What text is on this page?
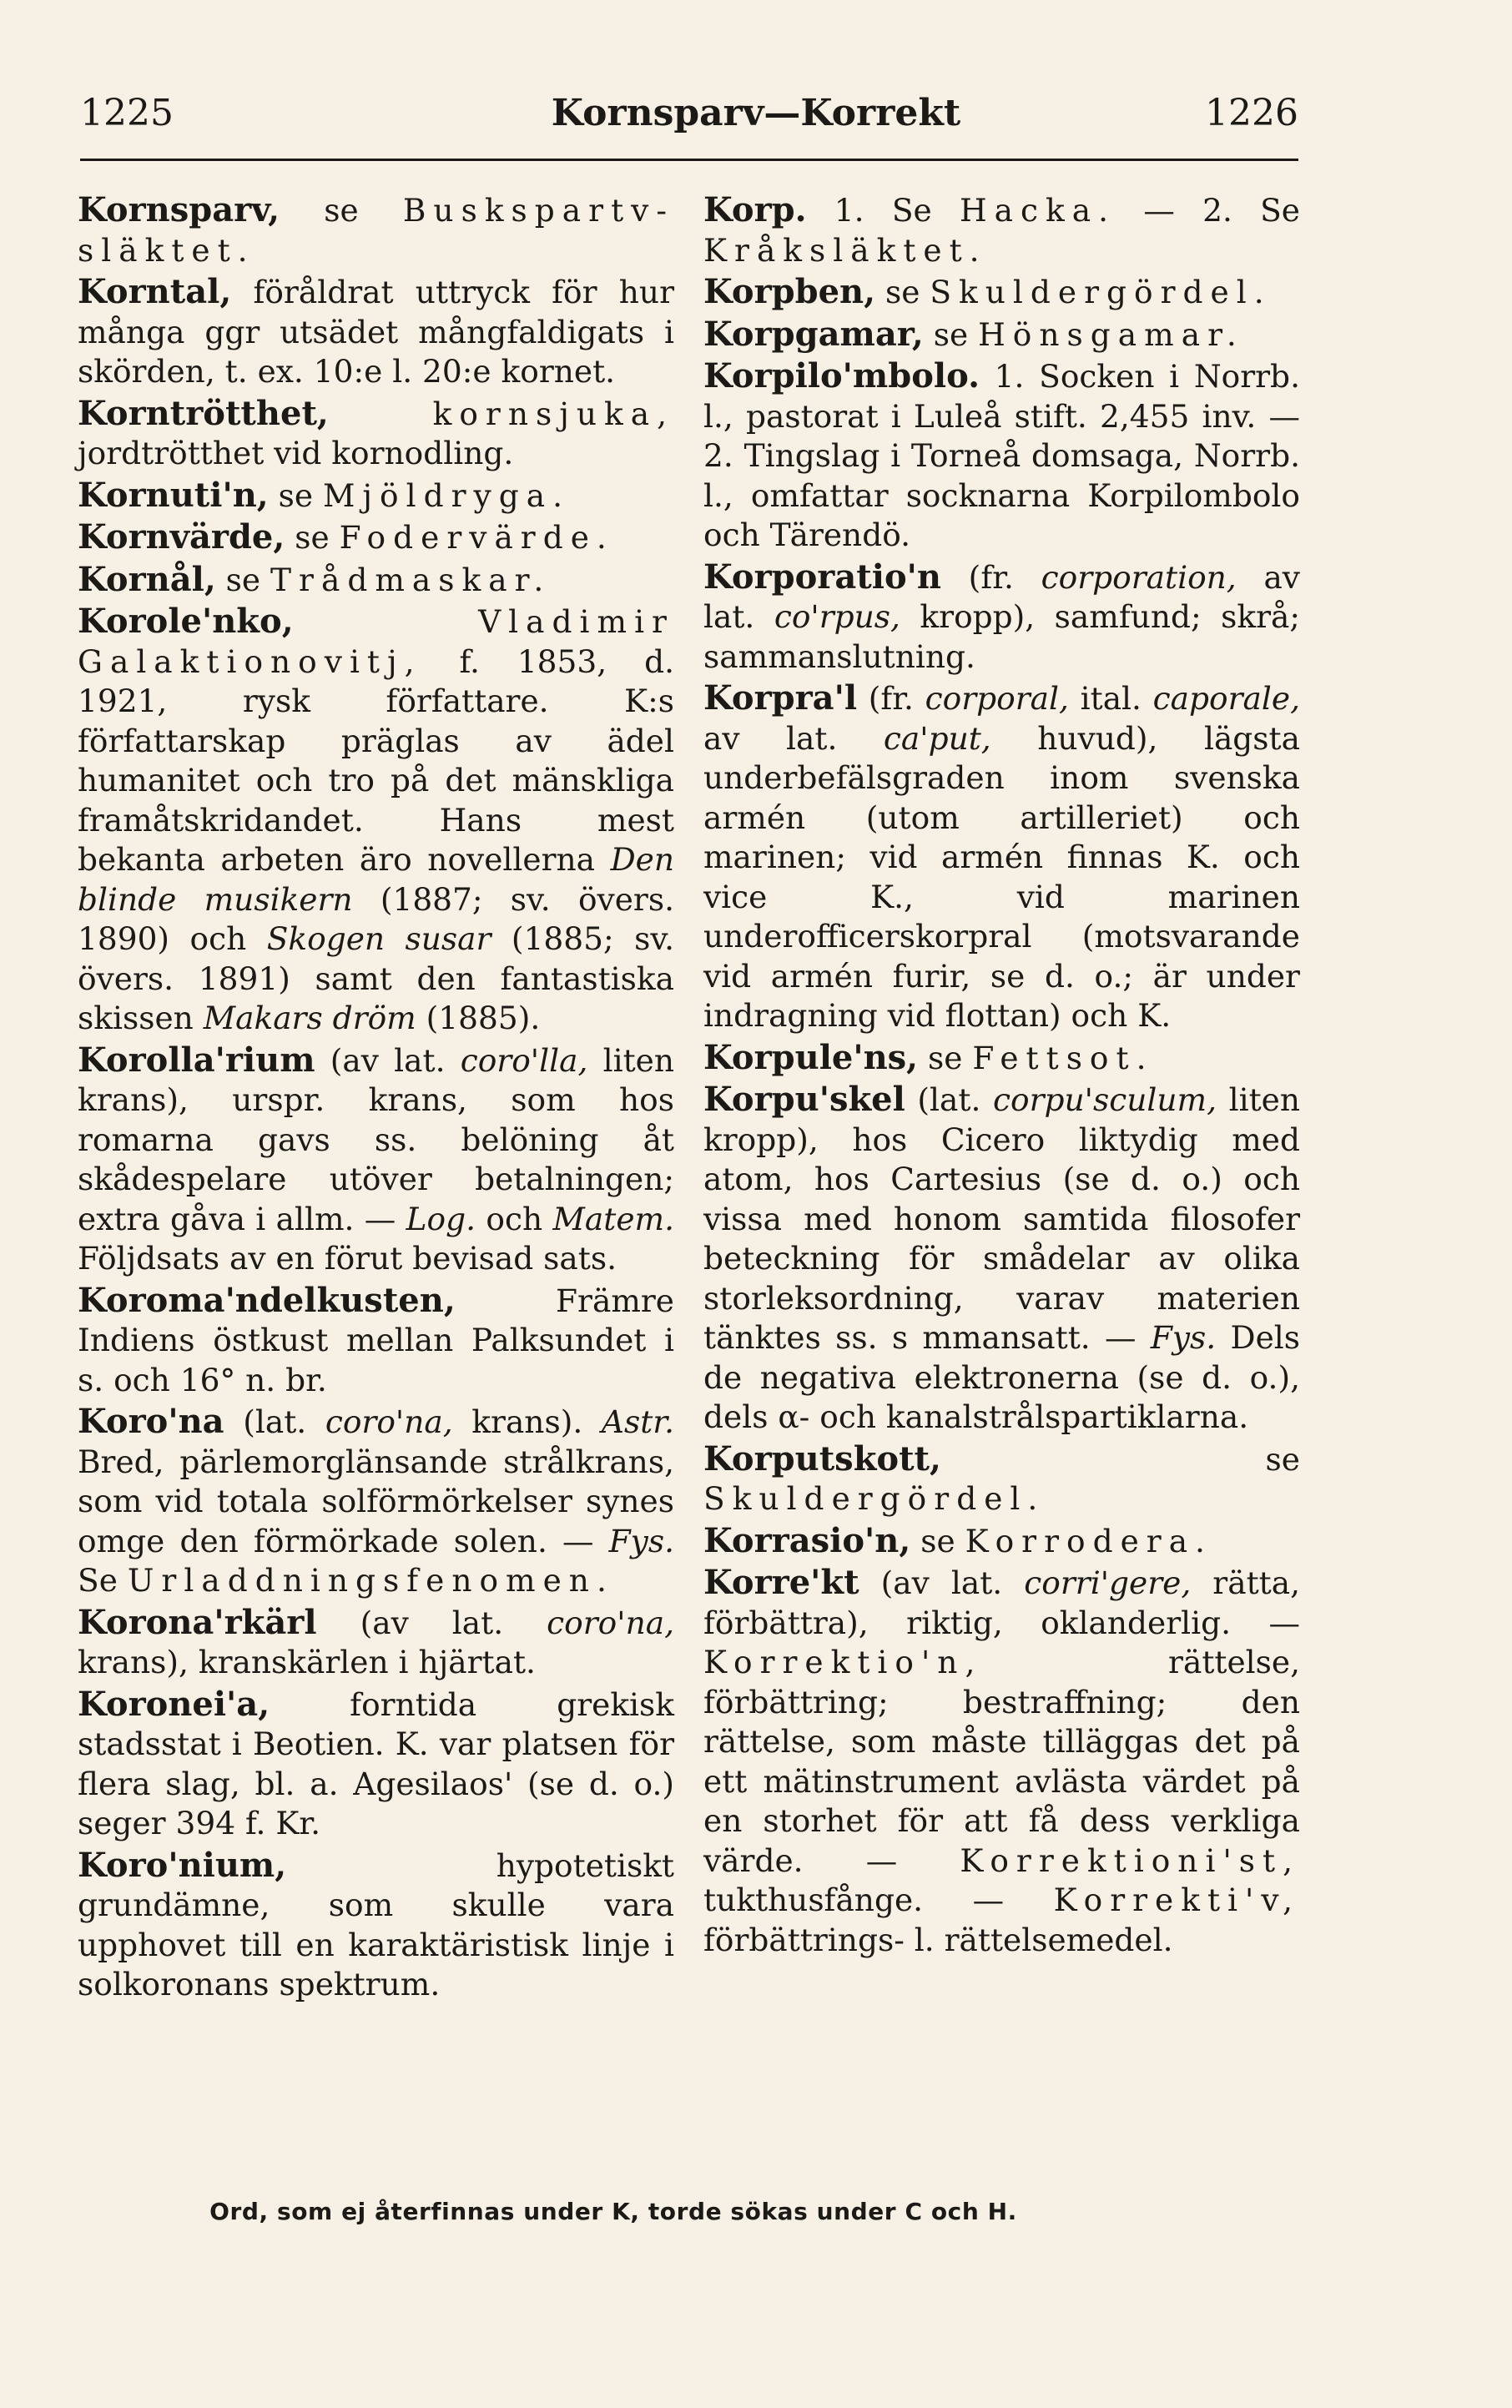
1225	Kornsparv—Korrekt	1226

Kornsparv, se Buskspartv-släktet.

Korntal, föråldrat uttryck för hur många ggr utsädet mångfaldigats i skörden, t. ex. 10:e l. 20:e kornet.

Korntrötthet,	kornsjuka, jordtrötthet vid kornodling.

Kornuti'n, se Mjöldryga.

Kornvärde, se Fodervärde.

Kornål, se Trådmaskar.

Korole'nko,	Vladimir Galaktionovitj, f. 1853, d. 1921, rysk författare. K:s författarskap präglas av ädel humanitet och tro på det mänskliga framåtskridandet. Hans mest bekanta arbeten äro novellerna Den blinde musikern (1887; sv. övers. 1890) och Skogen susar (1885; sv. övers. 1891) samt den fantastiska skissen Makars dröm (1885).

Korolla'rium (av lat. coro'lla, liten krans), urspr. krans, som hos romarna gavs ss. belöning åt skådespelare utöver betalningen; extra gåva i allm. — Log. och Matem. Följdsats av en förut bevisad sats.

Koroma'ndelkusten, Främre Indiens östkust mellan Palksundet i s. och 16° n. br.

Koro'na (lat. coro'na, krans). Astr. Bred, pärlemorglänsande strålkrans, som vid totala solförmörkelser synes omge den förmörkade solen. — Fys. Se Urladdningsfenomen.

Korona'rkärl (av lat. coro'na, krans), kranskärlen i hjärtat.

Koronei'a, forntida grekisk stadsstat i Beotien. K. var platsen för flera slag, bl. a. Agesilaos' (se d. o.) seger 394 f. Kr.

Koro'nium, hypotetiskt grundämne, som skulle vara upphovet till en karaktäristisk linje i solkoronans spektrum.

Korp. 1. Se Hacka. — 2. Se Kråksläktet.

Korpben, se Skuldergördel.

Korpgamar, se Hönsgamar.

Korpilo'mbolo. 1. Socken i Norrb. l., pastorat i Luleå stift. 2,455 inv. — 2. Tingslag i Torneå domsaga, Norrb. l., omfattar socknarna Korpilombolo och Tärendö.

Korporatio'n (fr. corporation, av lat. co'rpus, kropp), samfund; skrå; sammanslutning.

Korpra'l (fr. corporal, ital. caporale, av lat. ca'put, huvud), lägsta underbefälsgraden inom svenska armén (utom artilleriet) och marinen; vid armén finnas K. och vice K., vid marinen underofficerskorpral (motsvarande vid armén furir, se d. o.; är under indragning vid flottan) och K.

Korpule'ns, se Fettsot.

Korpu'skel (lat. corpu'sculum, liten kropp), hos Cicero liktydig med atom, hos Cartesius (se d. o.) och vissa med honom samtida filosofer beteckning för smådelar av olika storleksordning, varav materien tänktes ss. s mmansatt. — Fys. Dels de negativa elektronerna (se d. o.), dels α- och kanalstrålspartiklarna.

Korputskott, se Skuldergördel.

Korrasio'n, se Korrodera.

Korre'kt (av lat. corri'gere, rätta, förbättra), riktig, oklanderlig. — Korrektio'n, rättelse, förbättring; bestraffning; den rättelse, som måste tilläggas det på ett mätinstrument avlästa värdet på en storhet för att få dess verkliga värde. — Korrektioni'st, tukthusfånge. — Korrekti'v, förbättrings- l. rättelsemedel.

Ord, som ej återfinnas under K, torde sökas under C och H.
